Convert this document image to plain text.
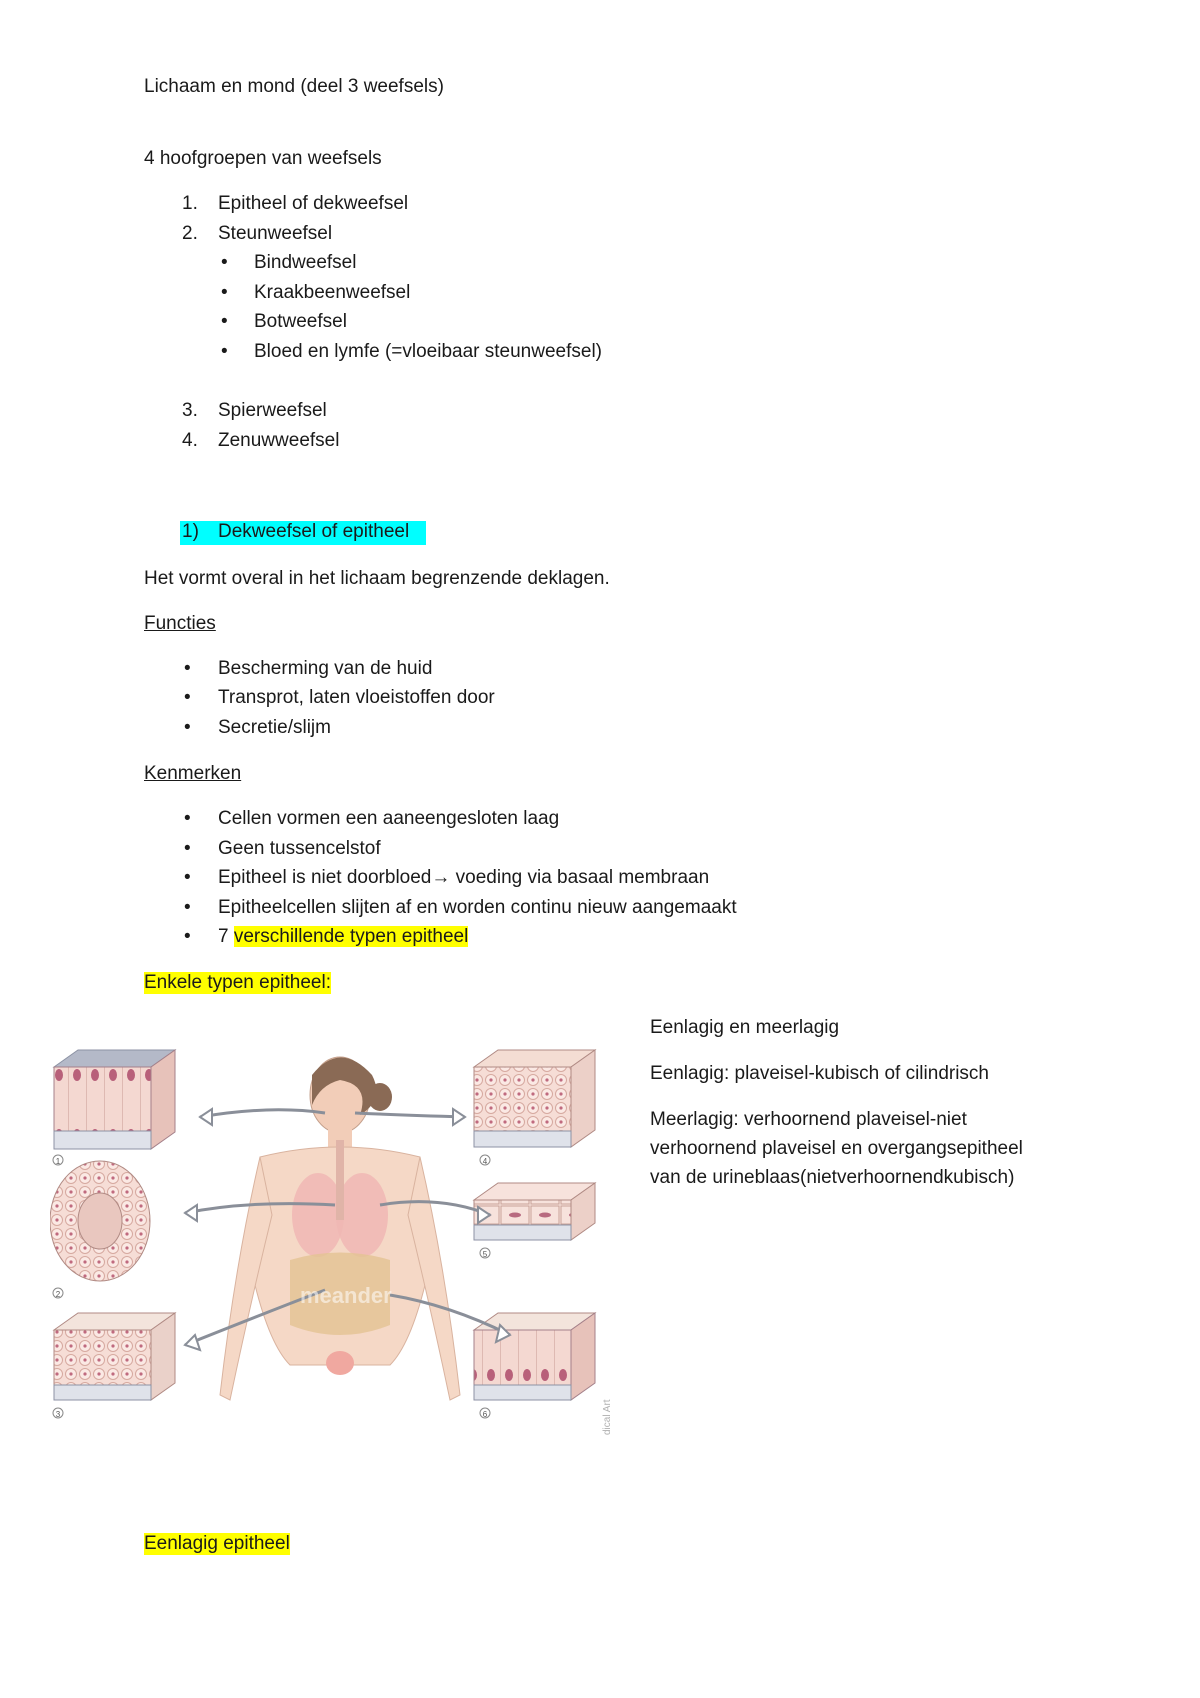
Lichaam en mond (deel 3 weefsels)
4 hoofgroepen van weefsels
1. Epitheel of dekweefsel
2. Steunweefsel
• Bindweefsel
• Kraakbeenweefsel
• Botweefsel
• Bloed en lymfe (=vloeibaar steunweefsel)
3. Spierweefsel
4. Zenuwweefsel
1) Dekweefsel of epitheel
Het vormt overal in het lichaam begrenzende deklagen.
Functies
• Bescherming van de huid
• Transprot, laten vloeistoffen door
• Secretie/slijm
Kenmerken
• Cellen vormen een aaneengesloten laag
• Geen tussencelstof
• Epitheel is niet doorbloed→ voeding via basaal membraan
• Epitheelcellen slijten af en worden continu nieuw aangemaakt
• 7 verschillende typen epitheel
Enkele typen epitheel:
Eenlagig en meerlagig
Eenlagig: plaveisel-kubisch of cilindrisch
Meerlagig: verhoornend plaveisel-niet
verhoornend plaveisel en overgangsepitheel
van de urineblaas(nietverhoornendkubisch)
meander
dical Art
1
2
3
4
5
6
Eenlagig epitheel
